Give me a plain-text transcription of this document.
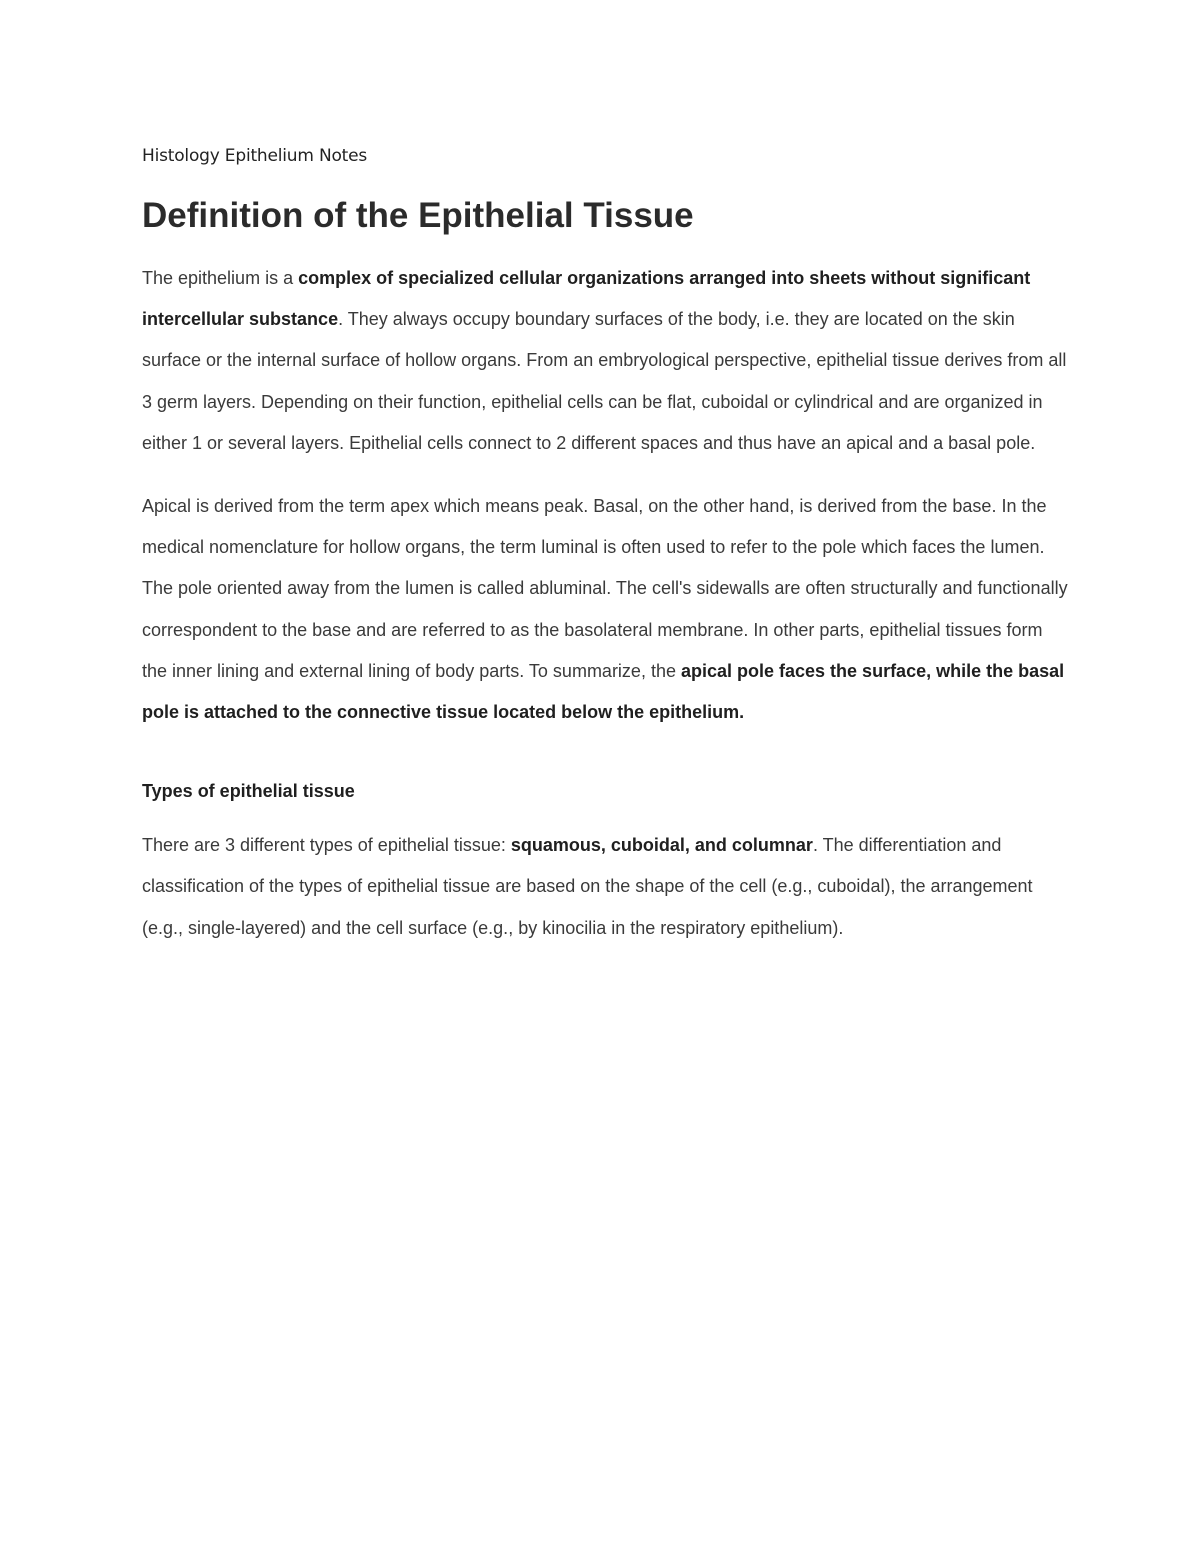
Histology Epithelium Notes

Definition of the Epithelial Tissue

The epithelium is a complex of specialized cellular organizations arranged into sheets without significant intercellular substance. They always occupy boundary surfaces of the body, i.e. they are located on the skin surface or the internal surface of hollow organs. From an embryological perspective, epithelial tissue derives from all 3 germ layers. Depending on their function, epithelial cells can be flat, cuboidal or cylindrical and are organized in either 1 or several layers. Epithelial cells connect to 2 different spaces and thus have an apical and a basal pole.

Apical is derived from the term apex which means peak. Basal, on the other hand, is derived from the base. In the medical nomenclature for hollow organs, the term luminal is often used to refer to the pole which faces the lumen. The pole oriented away from the lumen is called abluminal. The cell's sidewalls are often structurally and functionally correspondent to the base and are referred to as the basolateral membrane. In other parts, epithelial tissues form the inner lining and external lining of body parts. To summarize, the apical pole faces the surface, while the basal pole is attached to the connective tissue located below the epithelium.

Types of epithelial tissue

There are 3 different types of epithelial tissue: squamous, cuboidal, and columnar. The differentiation and classification of the types of epithelial tissue are based on the shape of the cell (e.g., cuboidal), the arrangement (e.g., single-layered) and the cell surface (e.g., by kinocilia in the respiratory epithelium).
